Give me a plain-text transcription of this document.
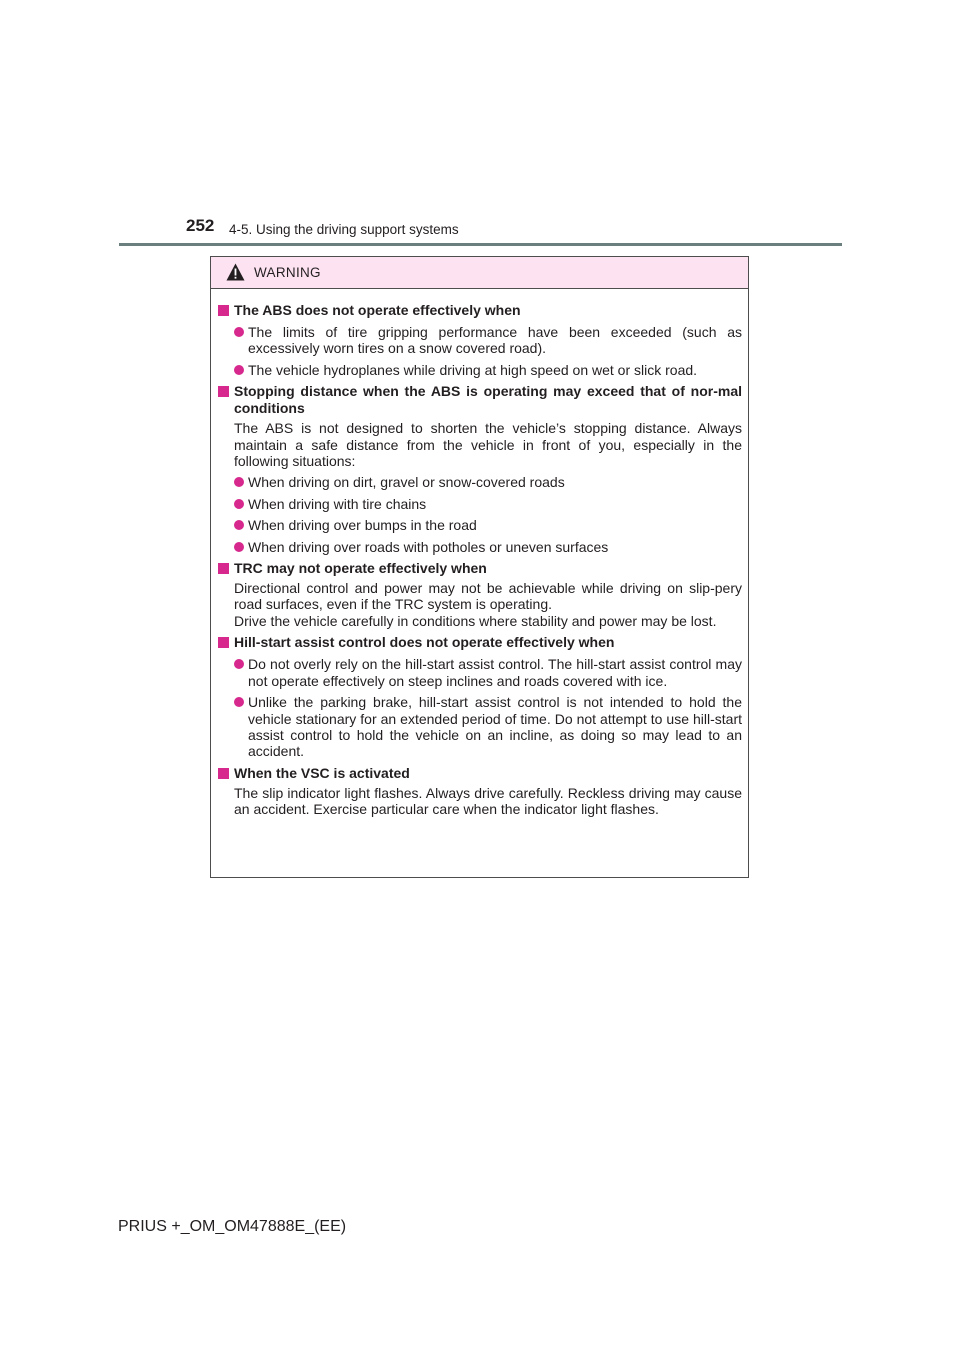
252 4-5. Using the driving support systems
WARNING
The ABS does not operate effectively when
The limits of tire gripping performance have been exceeded (such as excessively worn tires on a snow covered road).
The vehicle hydroplanes while driving at high speed on wet or slick road.
Stopping distance when the ABS is operating may exceed that of nor-mal conditions
The ABS is not designed to shorten the vehicle’s stopping distance. Always maintain a safe distance from the vehicle in front of you, especially in the following situations:
When driving on dirt, gravel or snow-covered roads
When driving with tire chains
When driving over bumps in the road
When driving over roads with potholes or uneven surfaces
TRC may not operate effectively when
Directional control and power may not be achievable while driving on slip-pery road surfaces, even if the TRC system is operating.
Drive the vehicle carefully in conditions where stability and power may be lost.
Hill-start assist control does not operate effectively when
Do not overly rely on the hill-start assist control. The hill-start assist control may not operate effectively on steep inclines and roads covered with ice.
Unlike the parking brake, hill-start assist control is not intended to hold the vehicle stationary for an extended period of time. Do not attempt to use hill-start assist control to hold the vehicle on an incline, as doing so may lead to an accident.
When the VSC is activated
The slip indicator light flashes. Always drive carefully. Reckless driving may cause an accident. Exercise particular care when the indicator light flashes.
PRIUS +_OM_OM47888E_(EE)
